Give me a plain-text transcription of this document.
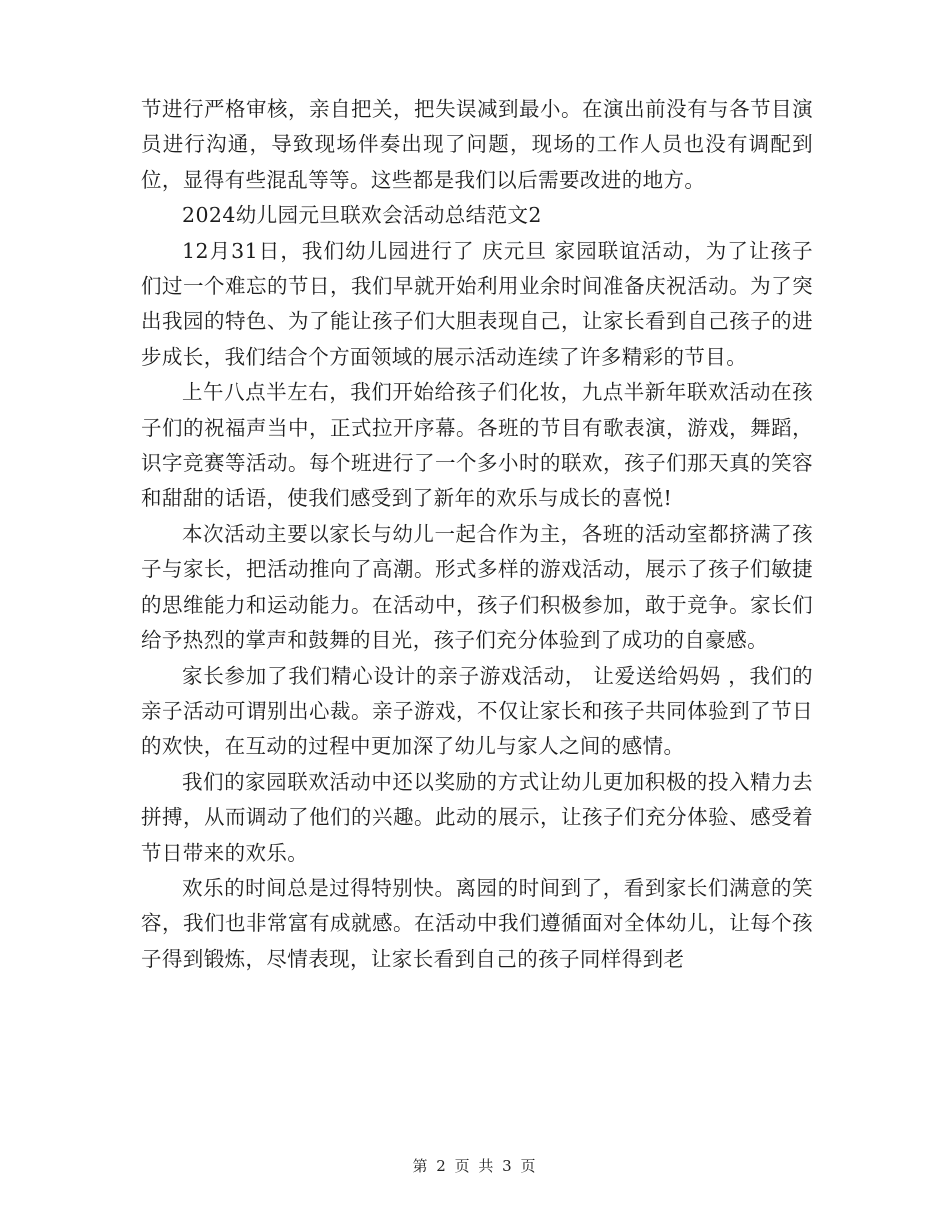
节进行严格审核，亲自把关，把失误减到最小。在演出前没有与各节目演员进行沟通，导致现场伴奏出现了问题，现场的工作人员也没有调配到位，显得有些混乱等等。这些都是我们以后需要改进的地方。

2024幼儿园元旦联欢会活动总结范文2

12月31日，我们幼儿园进行了 庆元旦 家园联谊活动，为了让孩子们过一个难忘的节日，我们早就开始利用业余时间准备庆祝活动。为了突出我园的特色、为了能让孩子们大胆表现自己，让家长看到自己孩子的进步成长，我们结合个方面领域的展示活动连续了许多精彩的节目。

上午八点半左右，我们开始给孩子们化妆，九点半新年联欢活动在孩子们的祝福声当中，正式拉开序幕。各班的节目有歌表演，游戏，舞蹈，识字竞赛等活动。每个班进行了一个多小时的联欢，孩子们那天真的笑容和甜甜的话语，使我们感受到了新年的欢乐与成长的喜悦!

本次活动主要以家长与幼儿一起合作为主，各班的活动室都挤满了孩子与家长，把活动推向了高潮。形式多样的游戏活动，展示了孩子们敏捷的思维能力和运动能力。在活动中，孩子们积极参加，敢于竞争。家长们给予热烈的掌声和鼓舞的目光，孩子们充分体验到了成功的自豪感。

家长参加了我们精心设计的亲子游戏活动， 让爱送给妈妈 ，我们的亲子活动可谓别出心裁。亲子游戏，不仅让家长和孩子共同体验到了节日的欢快，在互动的过程中更加深了幼儿与家人之间的感情。

我们的家园联欢活动中还以奖励的方式让幼儿更加积极的投入精力去拼搏，从而调动了他们的兴趣。此动的展示，让孩子们充分体验、感受着节日带来的欢乐。

欢乐的时间总是过得特别快。离园的时间到了，看到家长们满意的笑容，我们也非常富有成就感。在活动中我们遵循面对全体幼儿，让每个孩子得到锻炼，尽情表现，让家长看到自己的孩子同样得到老

第 2 页 共 3 页
